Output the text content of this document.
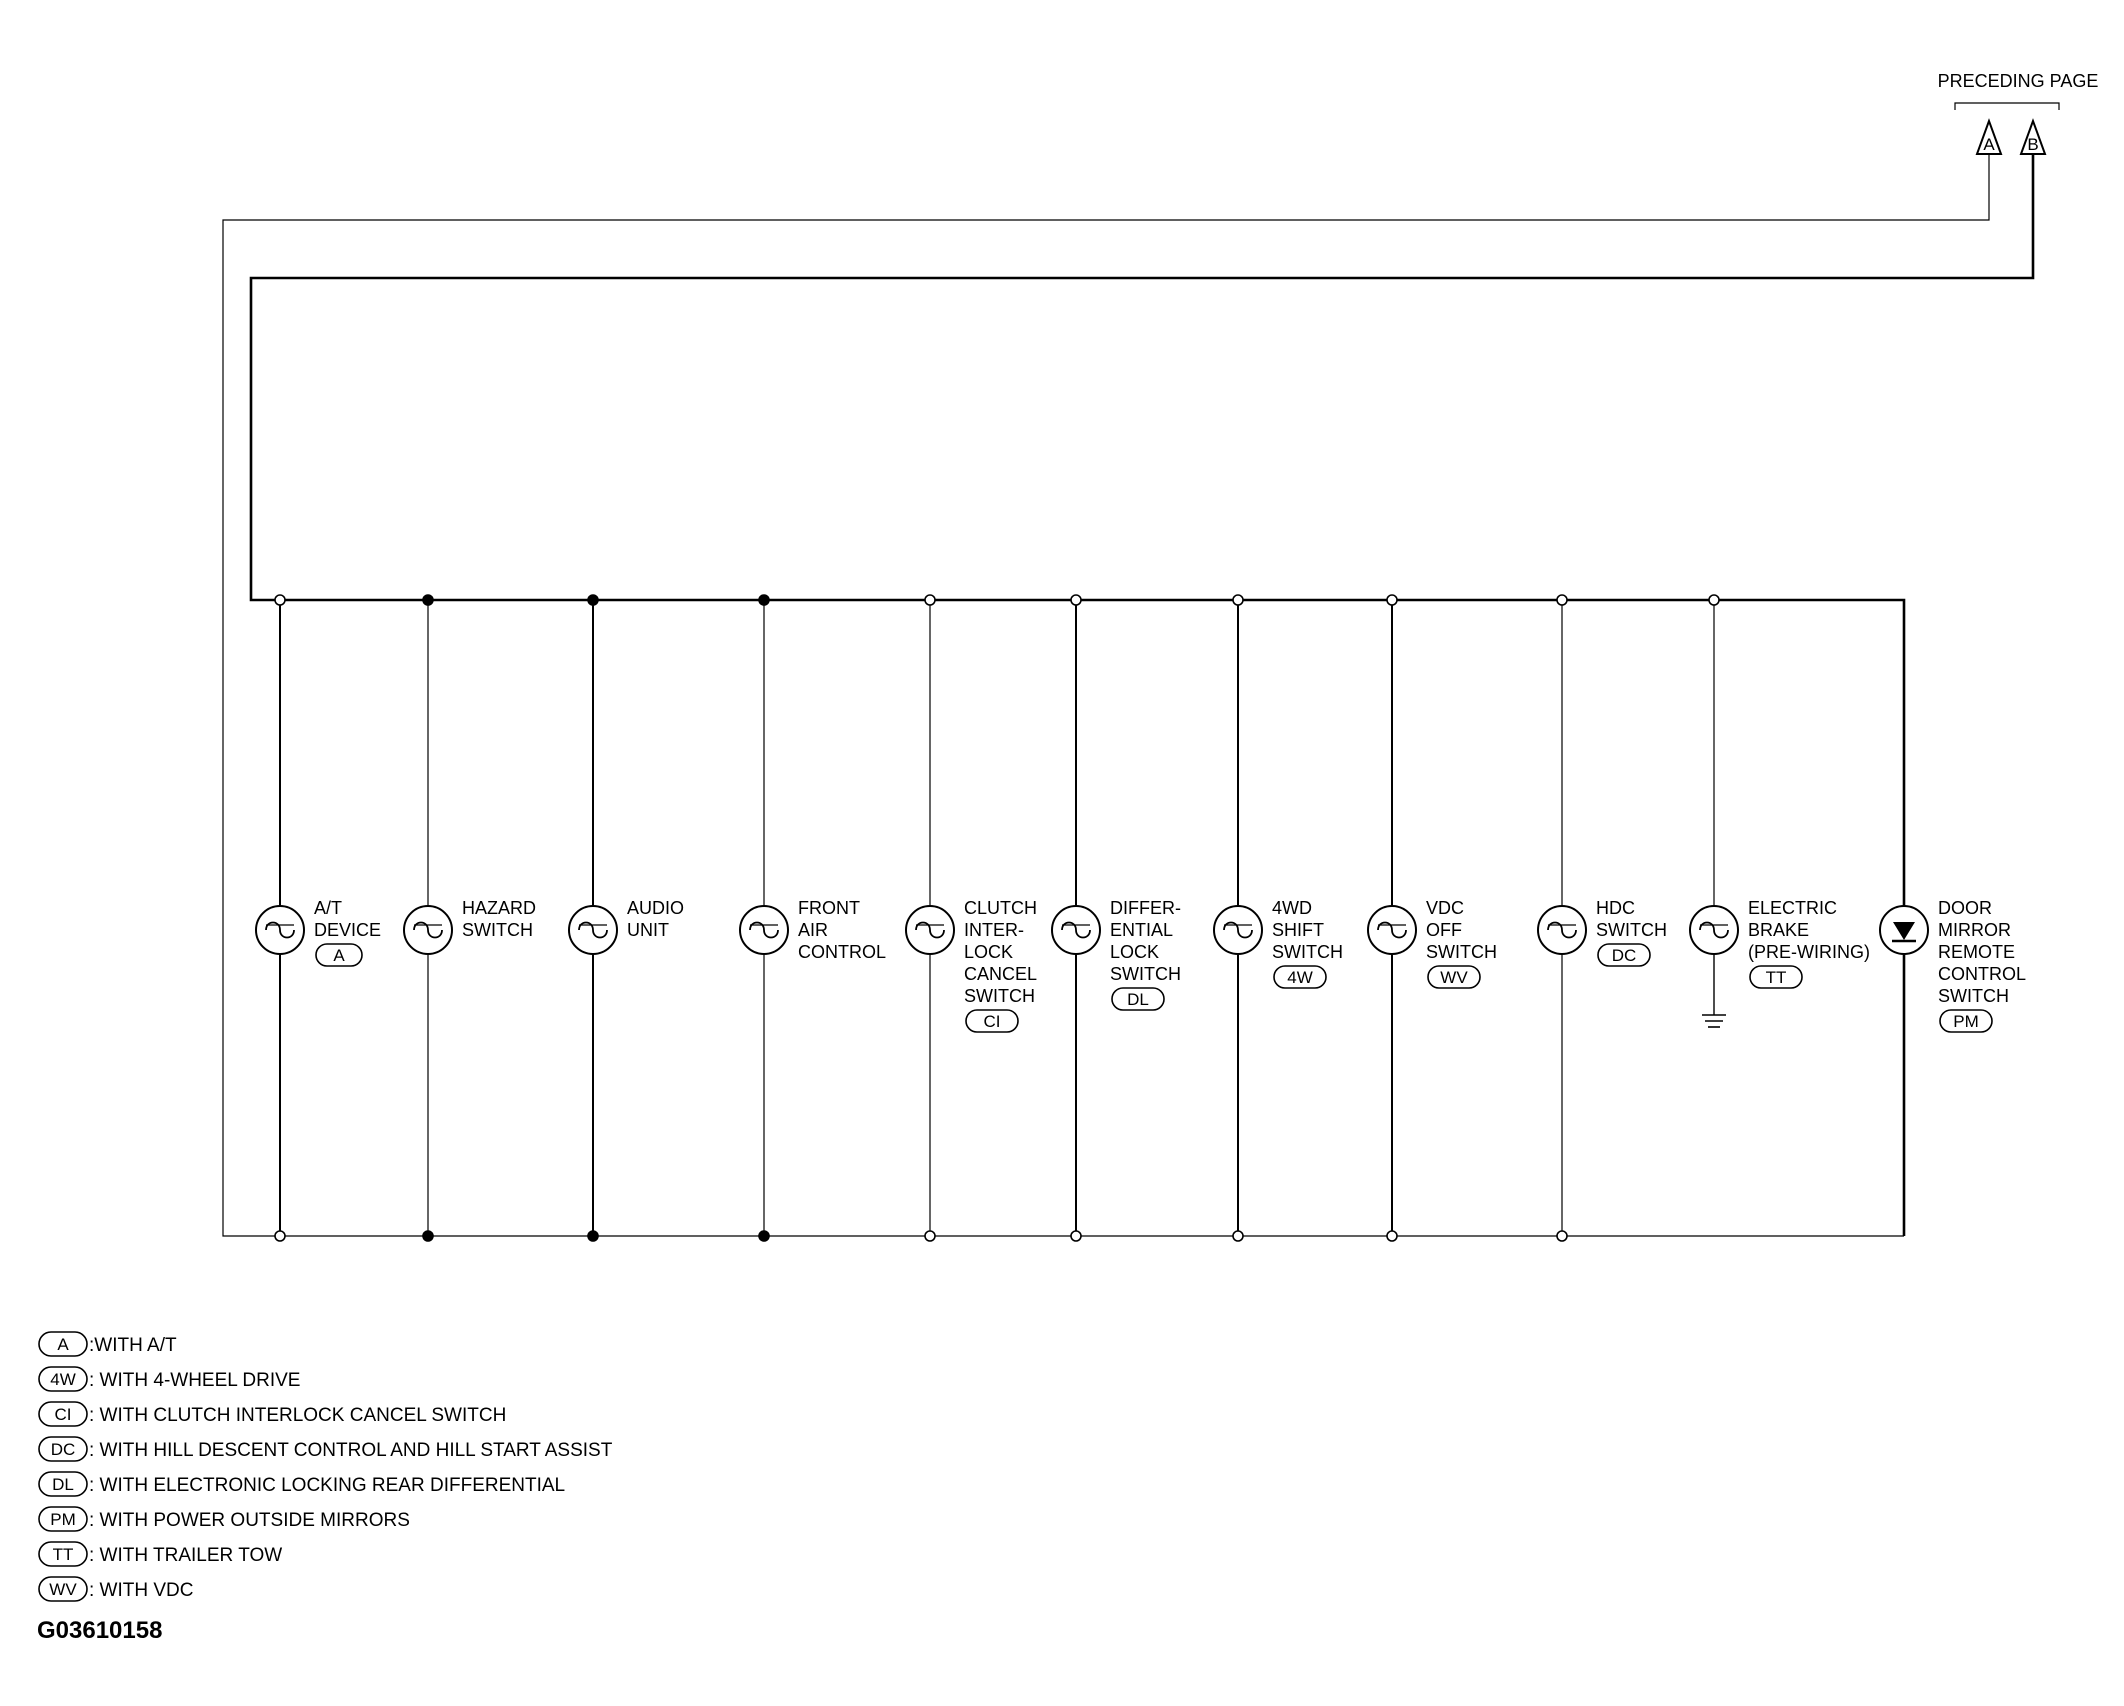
PRECEDING PAGE
A B
A/T
DEVICE
A
HAZARD
SWITCH
AUDIO
UNIT
FRONT
AIR
CONTROL
CLUTCH
INTER-
LOCK
CANCEL
SWITCH
CI
DIFFER-
ENTIAL
LOCK
SWITCH
DL
4WD
SHIFT
SWITCH
4W
VDC
OFF
SWITCH
WV
HDC
SWITCH
DC
ELECTRIC
BRAKE
(PRE-WIRING)
TT
DOOR
MIRROR
REMOTE
CONTROL
SWITCH
PM
A :WITH A/T
4W : WITH 4-WHEEL DRIVE
CI : WITH CLUTCH INTERLOCK CANCEL SWITCH
DC : WITH HILL DESCENT CONTROL AND HILL START ASSIST
DL : WITH ELECTRONIC LOCKING REAR DIFFERENTIAL
PM : WITH POWER OUTSIDE MIRRORS
TT : WITH TRAILER TOW
WV : WITH VDC
G03610158
